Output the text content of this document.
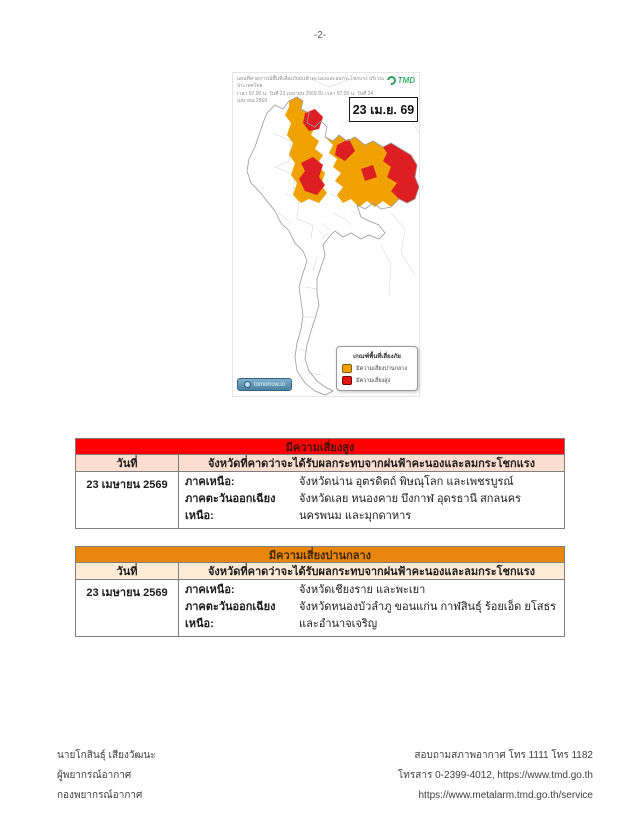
-2-
แผนที่คาดการณ์พื้นที่เสี่ยงภัยฝนฟ้าคะนองและลมกระโชกแรง บริเวณประเทศไทย
เวลา 07.00 น. วันที่ 23 เมษายน 2569 ถึง เวลา 07.00 น. วันที่ 24 เมษายน 2569
TMD
23 เม.ย. 69
เกณฑ์พื้นที่เสี่ยงภัย
มีความเสี่ยงปานกลาง
มีความเสี่ยงสูง
tomorrow.io
มีความเสี่ยงสูง
วันที่	จังหวัดที่คาดว่าจะได้รับผลกระทบจากฝนฟ้าคะนองและลมกระโชกแรง
23 เมษายน 2569	ภาคเหนือ:	จังหวัดน่าน อุตรดิตถ์ พิษณุโลก และเพชรบูรณ์
ภาคตะวันออกเฉียงเหนือ:
จังหวัดเลย หนองคาย บึงกาฬ อุดรธานี สกลนคร นครพนม และมุกดาหาร
มีความเสี่ยงปานกลาง
วันที่	จังหวัดที่คาดว่าจะได้รับผลกระทบจากฝนฟ้าคะนองและลมกระโชกแรง
23 เมษายน 2569	ภาคเหนือ:	จังหวัดเชียงราย และพะเยา
ภาคตะวันออกเฉียงเหนือ:
จังหวัดหนองบัวลำภู ขอนแก่น กาฬสินธุ์ ร้อยเอ็ด ยโสธร และอำนาจเจริญ
นายโกสินธุ์ เสียงวัฒนะ
ผู้พยากรณ์อากาศ
กองพยากรณ์อากาศ
สอบถามสภาพอากาศ โทร 1111 โทร 1182
โทรสาร 0-2399-4012, https://www.tmd.go.th
https://www.metalarm.tmd.go.th/service
